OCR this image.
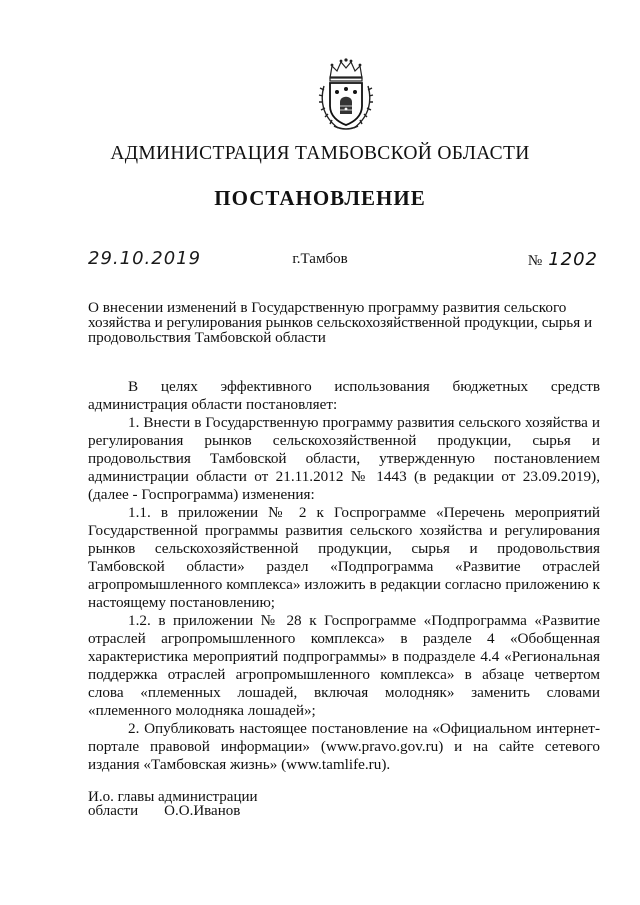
АДМИНИСТРАЦИЯ ТАМБОВСКОЙ ОБЛАСТИ
ПОСТАНОВЛЕНИЕ
29.10.2019	г.Тамбов	№ 1202
О внесении изменений в Государственную программу развития сельского хозяйства и регулирования рынков сельскохозяйственной продукции, сырья и продовольствия Тамбовской области

В целях эффективного использования бюджетных средств администрация области постановляет:

1. Внести в Государственную программу развития сельского хозяйства и регулирования рынков сельскохозяйственной продукции, сырья и продовольствия Тамбовской области, утвержденную постановлением администрации области от 21.11.2012 № 1443 (в редакции от 23.09.2019), (далее - Госпрограмма) изменения:

1.1. в приложении № 2 к Госпрограмме «Перечень мероприятий Государственной программы развития сельского хозяйства и регулирования рынков сельскохозяйственной продукции, сырья и продовольствия Тамбовской области» раздел «Подпрограмма «Развитие отраслей агропромышленного комплекса» изложить в редакции согласно приложению к настоящему постановлению;

1.2. в приложении № 28 к Госпрограмме «Подпрограмма «Развитие отраслей агропромышленного комплекса» в разделе 4 «Обобщенная характеристика мероприятий подпрограммы» в подразделе 4.4 «Региональная поддержка отраслей агропромышленного комплекса» в абзаце четвертом слова «племенных лошадей, включая молодняк» заменить словами «племенного молодняка лошадей»;

2. Опубликовать настоящее постановление на «Официальном интернет-портале правовой информации» (www.pravo.gov.ru) и на сайте сетевого издания «Тамбовская жизнь» (www.tamlife.ru).

И.о. главы администрации
области О.О.Иванов
